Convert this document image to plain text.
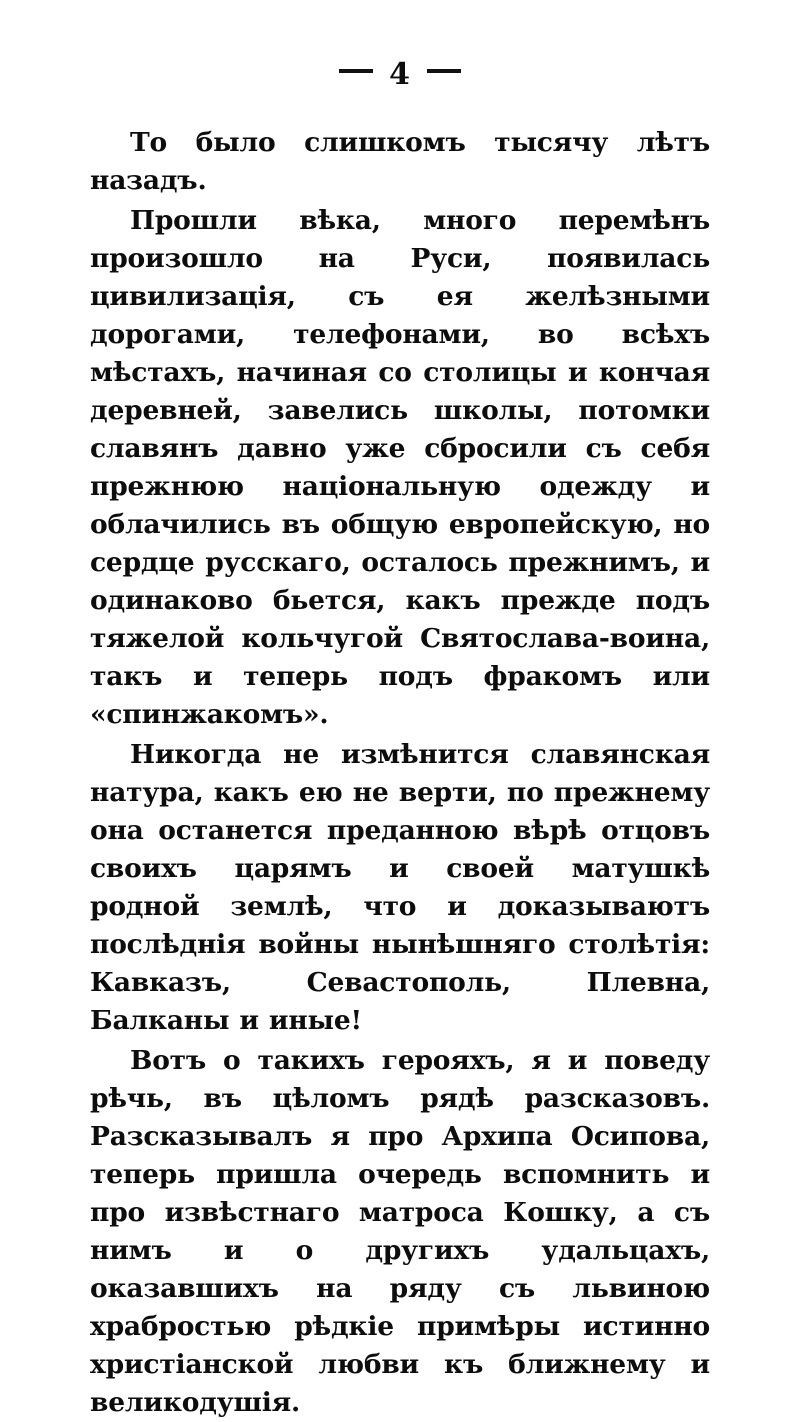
4

То было слишкомъ тысячу лѣтъ назадъ.

Прошли вѣка, много перемѣнъ произошло на Руси, появилась цивилизація, съ ея желѣзными дорогами, телефонами, во всѣхъ мѣстахъ, начиная со столицы и кончая деревней, завелись школы, потомки славянъ давно уже сбросили съ себя прежнюю національную одежду и облачились въ общую европейскую, но сердце русскаго, осталось прежнимъ, и одинаково бьется, какъ прежде подъ тяжелой кольчугой Святослава-воина, такъ и теперь подъ фракомъ или «спинжакомъ».

Никогда не измѣнится славянская натура, какъ ею не верти, по прежнему она останется преданною вѣрѣ отцовъ своихъ царямъ и своей матушкѣ родной землѣ, что и доказываютъ послѣднія войны нынѣшняго столѣтія: Кавказъ, Севастополь, Плевна, Балканы и иные!

Вотъ о такихъ герояхъ, я и поведу рѣчь, въ цѣломъ рядѣ разсказовъ. Разсказывалъ я про Архипа Осипова, теперь пришла очередь вспомнить и про извѣстнаго матроса Кошку, а съ нимъ и о другихъ удальцахъ, оказавшихъ на ряду съ львиною храбростью рѣдкіе примѣры истинно христіанской любви къ ближнему и великодушія.
